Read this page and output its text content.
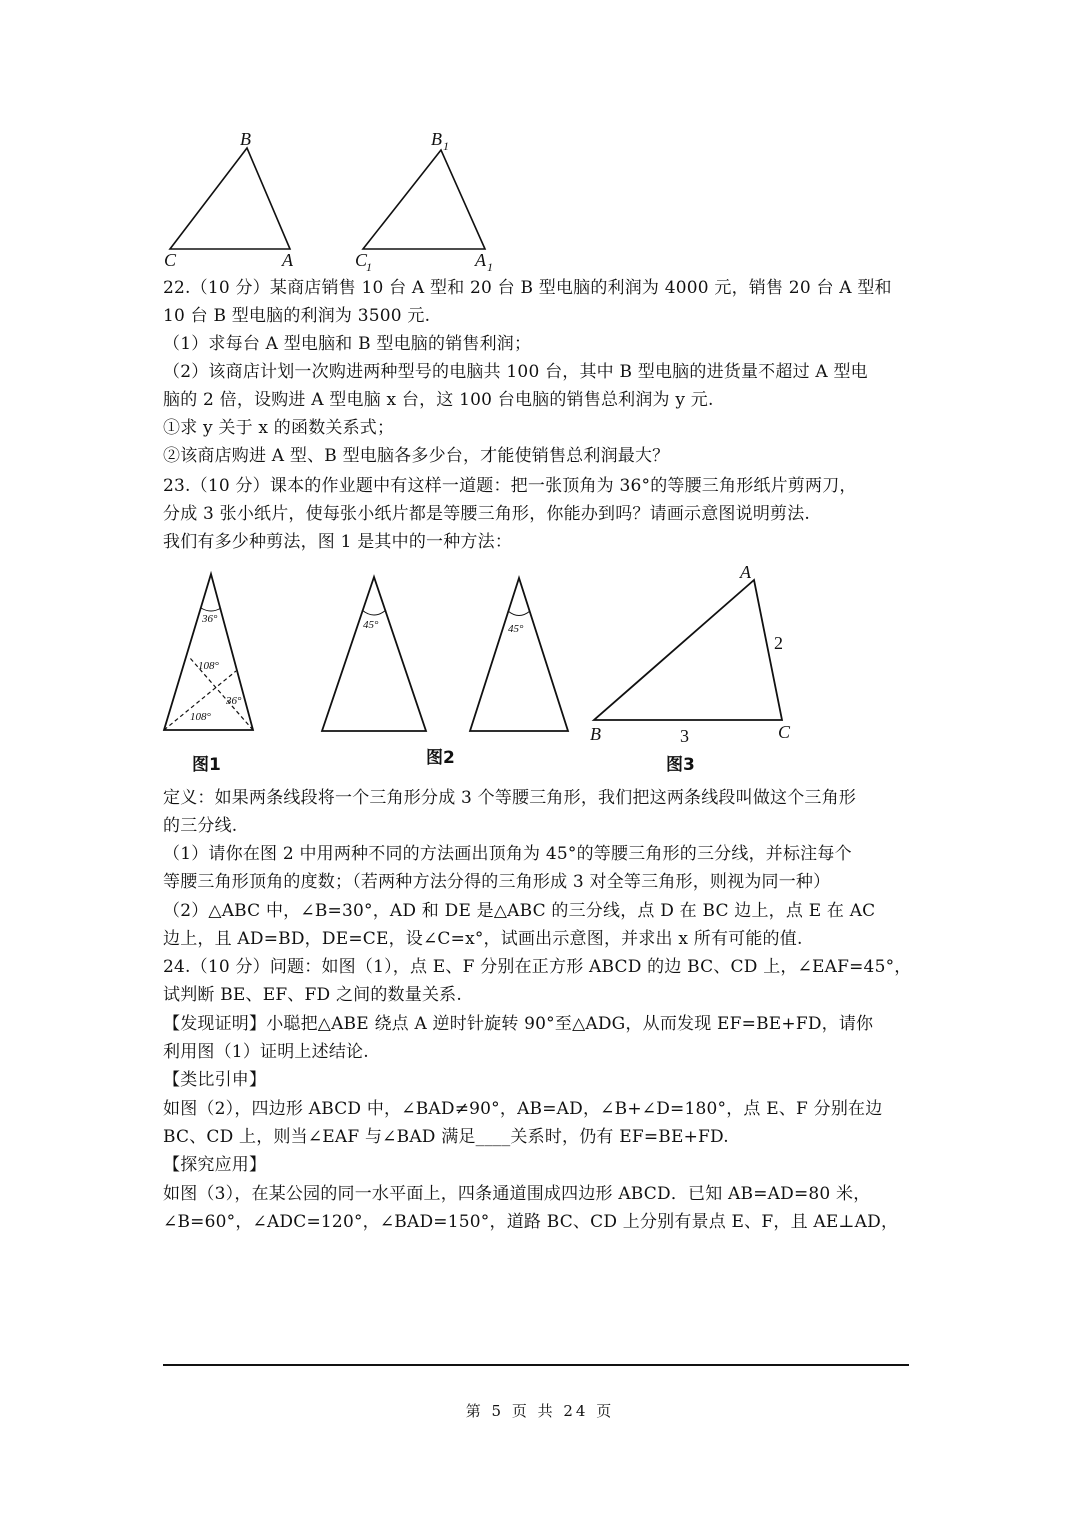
B
C	A
B 1
C
1	A 1
22.（10 分）某商店销售 10 台 A 型和 20 台 B 型电脑的利润为 4000 元，销售 20 台 A 型和
10 台 B 型电脑的利润为 3500 元.
（1）求每台 A 型电脑和 B 型电脑的销售利润；
（2）该商店计划一次购进两种型号的电脑共 100 台，其中 B 型电脑的进货量不超过 A 型电
脑的 2 倍，设购进 A 型电脑 x 台，这 100 台电脑的销售总利润为 y 元.
①求 y 关于 x 的函数关系式；
②该商店购进 A 型、B 型电脑各多少台，才能使销售总利润最大？
23.（10 分）课本的作业题中有这样一道题：把一张顶角为 36°的等腰三角形纸片剪两刀，
分成 3 张小纸片，使每张小纸片都是等腰三角形，你能办到吗？请画示意图说明剪法.
我们有多少种剪法，图 1 是其中的一种方法：
36°
108°
36°
108°
图1
45°
图2
45°
A
B	C
2
3
图3
定义：如果两条线段将一个三角形分成 3 个等腰三角形，我们把这两条线段叫做这个三角形
的三分线.
（1）请你在图 2 中用两种不同的方法画出顶角为 45°的等腰三角形的三分线，并标注每个
等腰三角形顶角的度数；（若两种方法分得的三角形成 3 对全等三角形，则视为同一种）
（2）△ABC 中，∠B=30°，AD 和 DE 是△ABC 的三分线，点 D 在 BC 边上，点 E 在 AC
边上，且 AD=BD，DE=CE，设∠C=x°，试画出示意图，并求出 x 所有可能的值.
24.（10 分）问题：如图（1），点 E、F 分别在正方形 ABCD 的边 BC、CD 上，∠EAF=45°，
试判断 BE、EF、FD 之间的数量关系.
【发现证明】小聪把△ABE 绕点 A 逆时针旋转 90°至△ADG，从而发现 EF=BE+FD，请你
利用图（1）证明上述结论.
【类比引申】
如图（2），四边形 ABCD 中，∠BAD≠90°，AB=AD，∠B+∠D=180°，点 E、F 分别在边
BC、CD 上，则当∠EAF 与∠BAD 满足____关系时，仍有 EF=BE+FD.
【探究应用】
如图（3），在某公园的同一水平面上，四条通道围成四边形 ABCD．已知 AB=AD=80 米，
∠B=60°，∠ADC=120°，∠BAD=150°，道路 BC、CD 上分别有景点 E、F，且 AE⊥AD，
第 5 页 共 24 页
